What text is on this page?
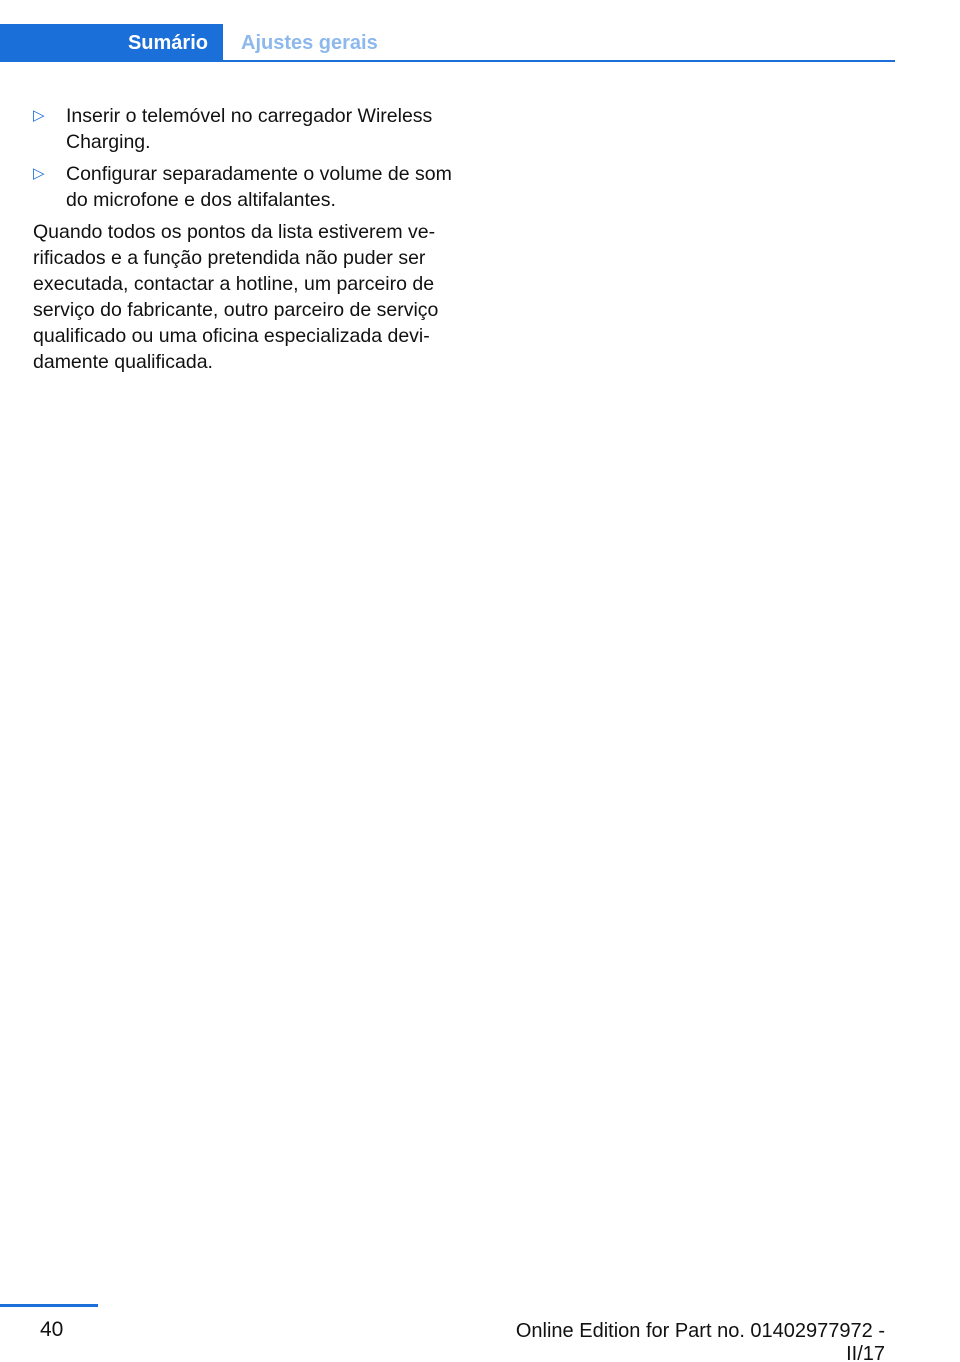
Sumário	Ajustes gerais
▷ Inserir o telemóvel no carregador Wireless Charging.
▷ Configurar separadamente o volume de som do microfone e dos altifalantes.

Quando todos os pontos da lista estiverem verificados e a função pretendida não puder ser executada, contactar a hotline, um parceiro de serviço do fabricante, outro parceiro de serviço qualificado ou uma oficina especializada devidamente qualificada.

40	Online Edition for Part no. 01402977972 - II/17
